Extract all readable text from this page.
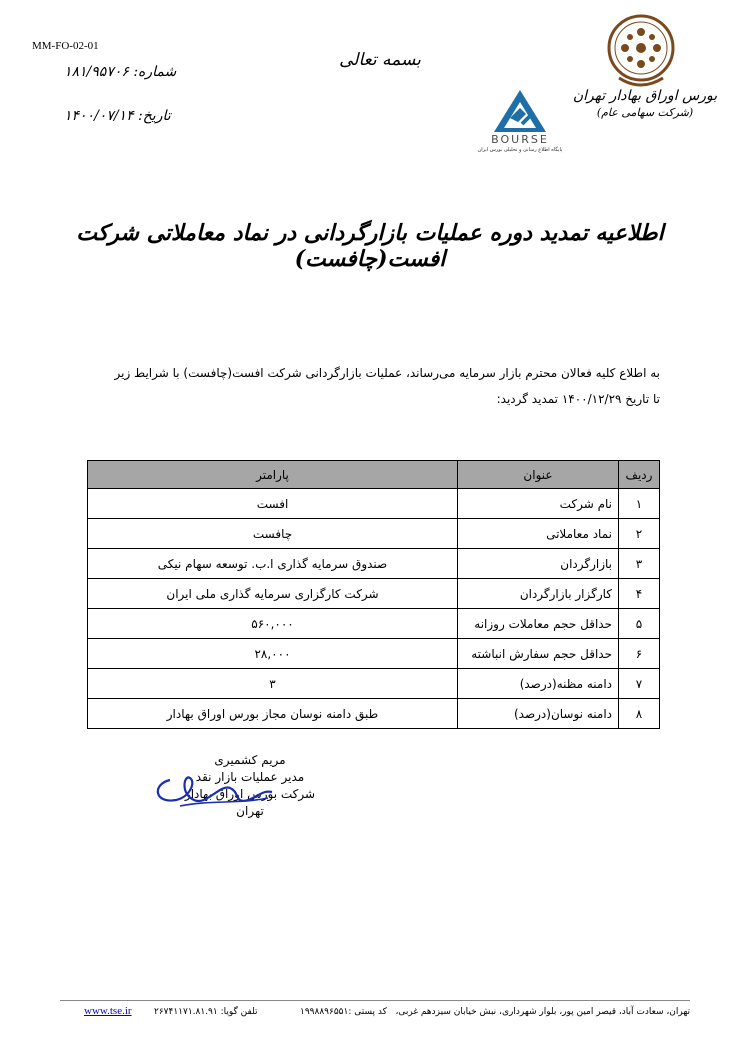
MM-FO-02-01
شماره: ۱۸۱/۹۵۷۰۶
تاریخ: ۱۴۰۰/۰۷/۱۴
بسمه تعالی
بورس اوراق بهادار تهران
(شرکت سهامی عام)
BOURSE
پایگاه اطلاع رسانی و تحلیلی بورس ایران
اطلاعیه تمدید دوره عملیات بازارگردانی در نماد معاملاتی شرکت افست(چافست)
به اطلاع کلیه فعالان محترم بازار سرمایه می‌رساند، عملیات بازارگردانی شرکت افست(چافست) با شرایط زیر
تا تاریخ ۱۴۰۰/۱۲/۲۹ تمدید گردید:
ردیف	عنوان	پارامتر
۱	نام شرکت	افست
۲	نماد معاملاتی	چافست
۳	بازارگردان	صندوق سرمایه گذاری ا.ب. توسعه سهام نیکی
۴	کارگزار بازارگردان	شرکت کارگزاری سرمایه گذاری ملی ایران
۵	حداقل حجم معاملات روزانه	۵۶۰,۰۰۰
۶	حداقل حجم سفارش انباشته	۲۸,۰۰۰
۷	دامنه مظنه(درصد)	۳
۸	دامنه نوسان(درصد)	طبق دامنه نوسان مجاز بورس اوراق بهادار
مریم کشمیری
مدیر عملیات بازار نقد
شرکت بورس اوراق بهادار تهران
www.tse.ir تلفن گویا: ۲۶۷۴۱۱۷۱.۸۱.۹۱	کد پستی :۱۹۹۸۸۹۶۵۵۱ تهران، سعادت آباد، قیصر امین پور، بلوار شهرداری، نبش خیابان سیزدهم غربی،
